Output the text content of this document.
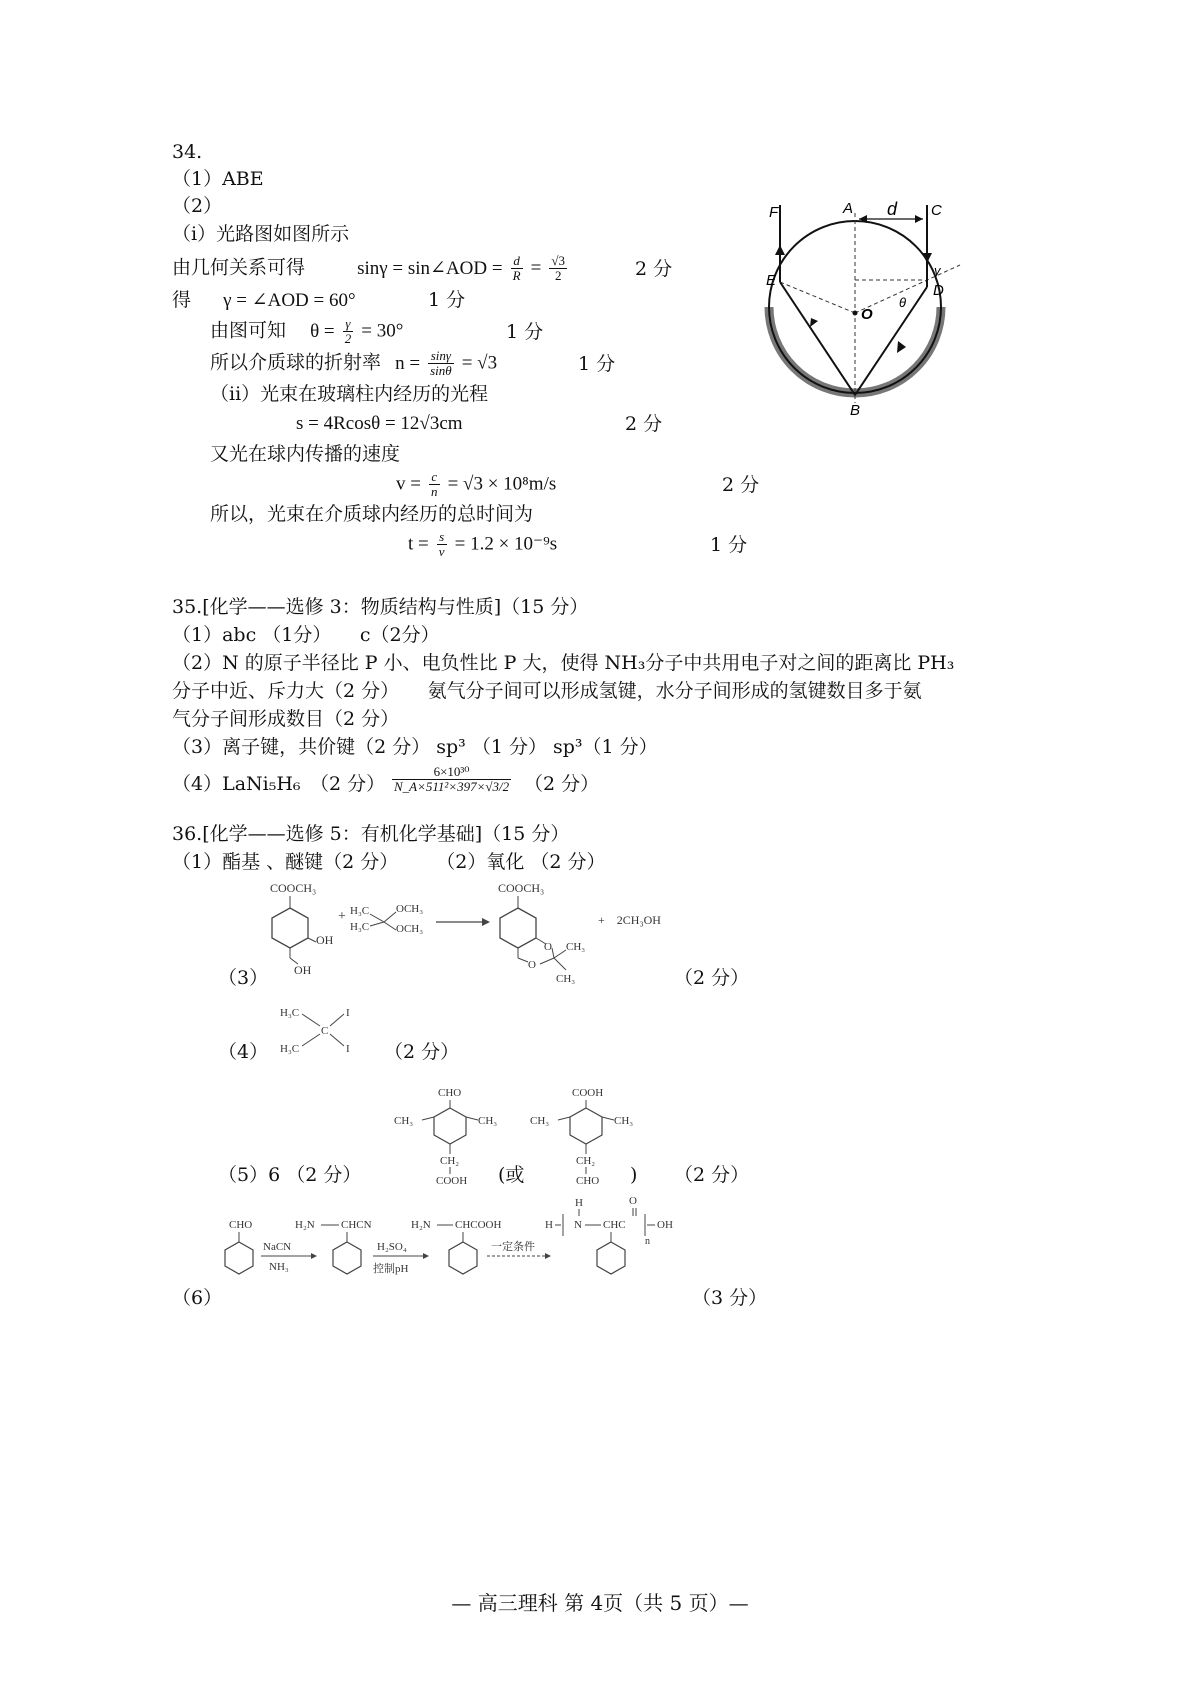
34.
（1）ABE
（2）
（i）光路图如图所示
由几何关系可得	sinγ = sin∠AOD = $\frac{d}{R} = \frac{√3}{2}$	2 分
得 γ = ∠AOD = 60°	1 分
由图可知 $\theta = \frac{\gamma}{2} = 30^\circ$	1 分
所以介质球的折射率 $n = \frac{\sin\gamma}{\sin\theta} = √3$	1 分
（ii）光束在玻璃柱内经历的光程
s = 4Rcosθ = 12√3cm	2 分
又光在球内传播的速度
$v = \frac{c}{n} = √3 \times 10^8m/s$	2 分
所以，光束在介质球内经历的总时间为
$t = \frac{s}{v} = 1.2 \times 10^{-9}s$	1 分
F	A d C
E
γ
D
θ
O
B
35.[化学——选修 3：物质结构与性质]（15 分）
（1）abc （1分）　　c（2分）
（2）N 的原子半径比 P 小、电负性比 P 大，使得 NH₃分子中共用电子对之间的距离比 PH₃
分子中近、斥力大（2 分）　　氨气分子间可以形成氢键，水分子间形成的氢键数目多于氨
气分子间形成数目（2 分）
（3）离子键，共价键（2 分） sp³ （1 分） sp³（1 分）
（4）LaNi₅H₆　（2 分） $\frac{\text{6×10³⁰}}{\text{N\_A×511²×397×√3/2}} (2$ 分）
36.[化学——选修 5：有机化学基础]（15 分）
（1）酯基 、醚键（2 分）　　　（2）氧化 （2 分）
COOCH₃
OH
OH
+ H₃C
H₃C
OCH₃
OCH₃
COOCH₃
O
O
CH₃
CH₃
+　2CH₃OH
（3）	（2 分）
H₃C
H₃C
C
I
I
（4）	（2 分）
CHO
CH₃	CH₃
CH₂
COOH
COOH
CH₃	CH₃
CH₂
CHO
（5）6 （2 分）	(或	) （2 分）
CHO
NaCN
NH₃
H₂N CHCN
H₂SO₄
控制pH
H₂N CHCOOH
一定条件
H
H
N CHC
O
n
OH
（6）	（3 分）
— 高三理科 第 4页（共 5 页）—
